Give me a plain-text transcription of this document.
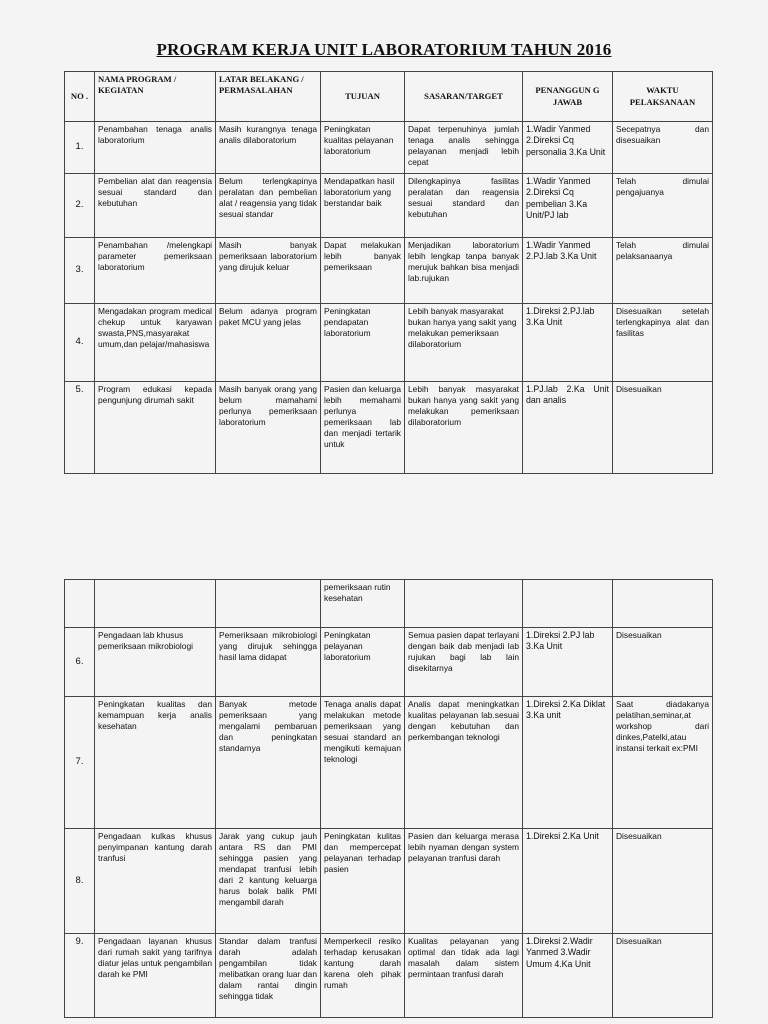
PROGRAM KERJA UNIT LABORATORIUM TAHUN 2016
NO .	NAMA PROGRAM / KEGIATAN	LATAR BELAKANG / PERMASALAHAN	TUJUAN	SASARAN/TARGET	PENANGGUN G JAWAB	WAKTU PELAKSANAAN
1.	Penambahan tenaga analis laboratorium	Masih kurangnya tenaga analis dilaboratorium	Peningkatan kualitas pelayanan laboratorium	Dapat terpenuhinya jumlah tenaga analis sehingga pelayanan menjadi lebih cepat	1.Wadir Yanmed 2.Direksi Cq personalia 3.Ka Unit	Secepatnya dan disesuaikan
2.	Pembelian alat dan reagensia sesuai standard dan kebutuhan	Belum terlengkapinya peralatan dan pembelian alat / reagensia yang tidak sesuai standar	Mendapatkan hasil laboratorium yang berstandar baik	Dilengkapinya fasilitas peralatan dan reagensia sesuai standard dan kebutuhan	1.Wadir Yanmed 2.Direksi Cq pembelian 3.Ka Unit/PJ lab	Telah dimulai pengajuanya
3.	Penambahan /melengkapi parameter pemeriksaan laboratorium	Masih banyak pemeriksaan laboratorium yang dirujuk keluar	Dapat melakukan lebih banyak pemeriksaan	Menjadikan laboratorium lebih lengkap tanpa banyak merujuk bahkan bisa menjadi lab.rujukan	1.Wadir Yanmed 2.PJ.lab 3.Ka Unit	Telah dimulai pelaksanaanya
4.	Mengadakan program medical chekup untuk karyawan swasta,PNS,masyarakat umum,dan pelajar/mahasiswa	Belum adanya program paket MCU yang jelas	Peningkatan pendapatan laboratorium	Lebih banyak masyarakat bukan hanya yang sakit yang melakukan pemeriksaan dilaboratorium	1.Direksi 2.PJ.lab 3.Ka Unit	Disesuaikan setelah terlengkapinya alat dan fasilitas
5.	Program edukasi kepada pengunjung dirumah sakit	Masih banyak orang yang belum mamahami perlunya pemeriksaan laboratorium	Pasien dan keluarga lebih memahami perlunya pemeriksaan lab dan menjadi tertarik untuk	Lebih banyak masyarakat bukan hanya yang sakit yang melakukan pemeriksaan dilaboratorium	1.PJ.lab 2.Ka Unit dan analis	Disesuaikan
			pemeriksaan rutin kesehatan			
6.	Pengadaan lab khusus pemeriksaan mikrobiologi	Pemeriksaan mikrobiologi yang dirujuk sehingga hasil lama didapat	Peningkatan pelayanan laboratorium	Semua pasien dapat terlayani dengan baik dab menjadi lab rujukan bagi lab lain disekitarnya	1.Direksi 2.PJ lab 3.Ka Unit	Disesuaikan
7.	Peningkatan kualitas dan kemampuan kerja analis kesehatan	Banyak metode pemeriksaan yang mengalami pembaruan dan peningkatan standarnya	Tenaga analis dapat melakukan metode pemeriksaan yang sesuai standard an mengikuti kemajuan teknologi	Analis dapat meningkatkan kualitas pelayanan lab.sesuai dengan kebutuhan dan perkembangan teknologi	1.Direksi 2.Ka Diklat 3.Ka unit	Saat diadakanya pelatihan,seminar,at workshop dari dinkes,Patelki,atau instansi terkait ex:PMI
8.	Pengadaan kulkas khusus penyimpanan kantung darah tranfusi	Jarak yang cukup jauh antara RS dan PMI sehingga pasien yang mendapat tranfusi lebih dari 2 kantung keluarga harus bolak balik PMI mengambil darah	Peningkatan kulitas dan mempercepat pelayanan terhadap pasien	Pasien dan keluarga merasa lebih nyaman dengan system pelayanan tranfusi darah	1.Direksi 2.Ka Unit	Disesuaikan
9.	Pengadaan layanan khusus dari rumah sakit yang tarifnya diatur jelas untuk pengambilan darah ke PMI	Standar dalam tranfusi darah adalah pengambilan tidak melibatkan orang luar dan dalam rantai dingin sehingga tidak	Memperkecil resiko terhadap kerusakan kantung darah karena oleh pihak rumah	Kualitas pelayanan yang optimal dan tidak ada lagi masalah dalam sistem permintaan tranfusi darah	1.Direksi 2.Wadir Yanmed 3.Wadir Umum 4.Ka Unit	Disesuaikan
